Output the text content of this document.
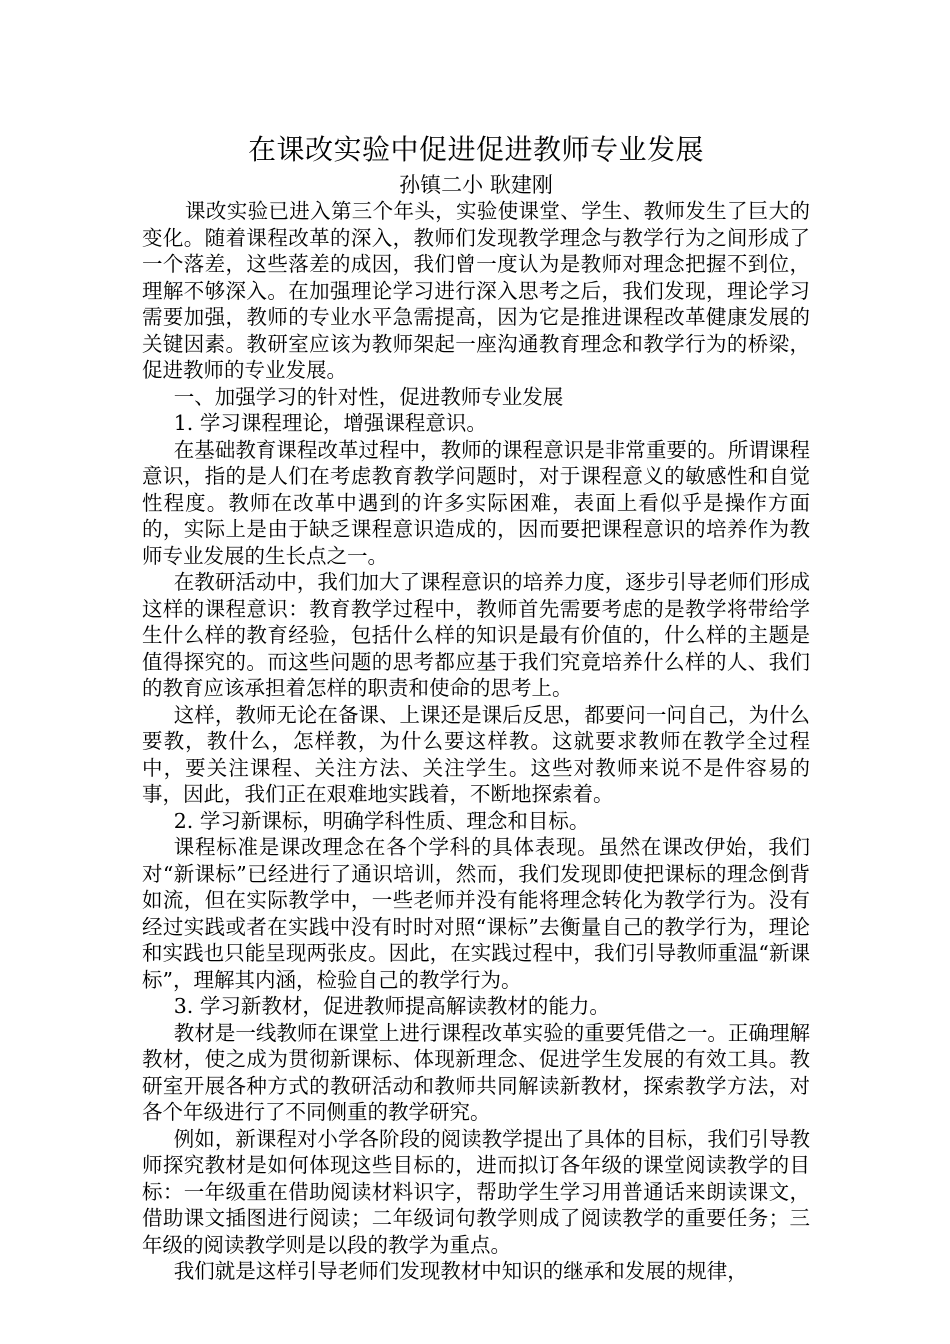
在课改实验中促进促进教师专业发展

孙镇二小 耿建刚

课改实验已进入第三个年头，实验使课堂、学生、教师发生了巨大的变化。随着课程改革的深入，教师们发现教学理念与教学行为之间形成了一个落差，这些落差的成因，我们曾一度认为是教师对理念把握不到位，理解不够深入。在加强理论学习进行深入思考之后，我们发现，理论学习需要加强，教师的专业水平急需提高，因为它是推进课程改革健康发展的关键因素。教研室应该为教师架起一座沟通教育理念和教学行为的桥梁，促进教师的专业发展。

一、加强学习的针对性，促进教师专业发展

1. 学习课程理论，增强课程意识。

在基础教育课程改革过程中，教师的课程意识是非常重要的。所谓课程意识，指的是人们在考虑教育教学问题时，对于课程意义的敏感性和自觉性程度。教师在改革中遇到的许多实际困难，表面上看似乎是操作方面的，实际上是由于缺乏课程意识造成的，因而要把课程意识的培养作为教师专业发展的生长点之一。

在教研活动中，我们加大了课程意识的培养力度，逐步引导老师们形成这样的课程意识：教育教学过程中，教师首先需要考虑的是教学将带给学生什么样的教育经验，包括什么样的知识是最有价值的，什么样的主题是值得探究的。而这些问题的思考都应基于我们究竟培养什么样的人、我们的教育应该承担着怎样的职责和使命的思考上。

这样，教师无论在备课、上课还是课后反思，都要问一问自己，为什么要教，教什么，怎样教，为什么要这样教。这就要求教师在教学全过程中，要关注课程、关注方法、关注学生。这些对教师来说不是件容易的事，因此，我们正在艰难地实践着，不断地探索着。

2. 学习新课标，明确学科性质、理念和目标。

课程标准是课改理念在各个学科的具体表现。虽然在课改伊始，我们对“新课标”已经进行了通识培训，然而，我们发现即使把课标的理念倒背如流，但在实际教学中，一些老师并没有能将理念转化为教学行为。没有经过实践或者在实践中没有时时对照“课标”去衡量自己的教学行为，理论和实践也只能呈现两张皮。因此，在实践过程中，我们引导教师重温“新课标”，理解其内涵，检验自己的教学行为。

3. 学习新教材，促进教师提高解读教材的能力。

教材是一线教师在课堂上进行课程改革实验的重要凭借之一。正确理解教材，使之成为贯彻新课标、体现新理念、促进学生发展的有效工具。教研室开展各种方式的教研活动和教师共同解读新教材，探索教学方法，对各个年级进行了不同侧重的教学研究。

例如，新课程对小学各阶段的阅读教学提出了具体的目标，我们引导教师探究教材是如何体现这些目标的，进而拟订各年级的课堂阅读教学的目标：一年级重在借助阅读材料识字，帮助学生学习用普通话来朗读课文，借助课文插图进行阅读；二年级词句教学则成了阅读教学的重要任务；三年级的阅读教学则是以段的教学为重点。

我们就是这样引导老师们发现教材中知识的继承和发展的规律，
